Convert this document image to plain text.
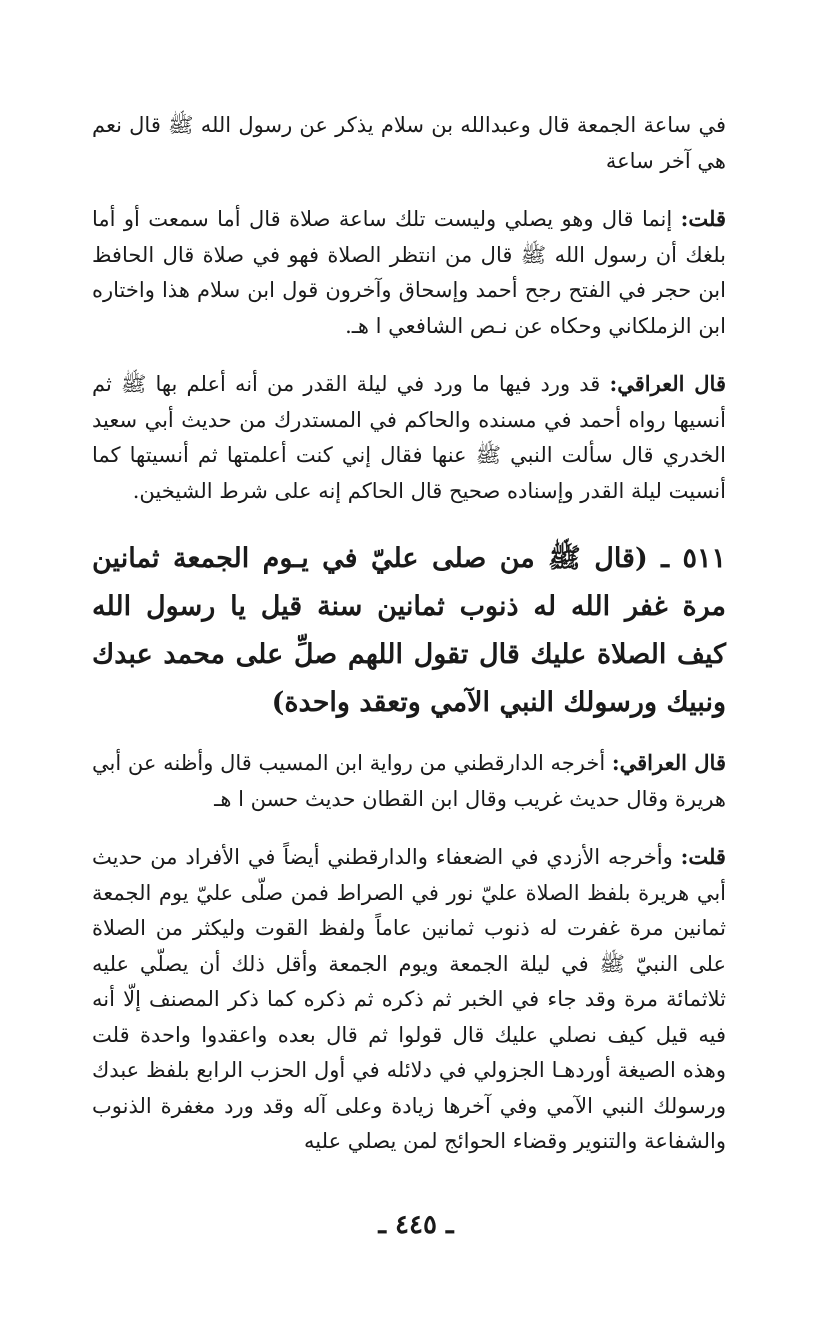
في ساعة الجمعة قال وعبدالله بن سلام يذكر عن رسول الله ﷺ قال نعم هي آخر ساعة

قلت: إنما قال وهو يصلي وليست تلك ساعة صلاة قال أما سمعت أو أما بلغك أن رسول الله ﷺ قال من انتظر الصلاة فهو في صلاة قال الحافظ ابن حجر في الفتح رجح أحمد وإسحاق وآخرون قول ابن سلام هذا واختاره ابن الزملكاني وحكاه عن نـص الشافعي ا هـ.

قال العراقي: قد ورد فيها ما ورد في ليلة القدر من أنه أعلم بها ﷺ ثم أنسيها رواه أحمد في مسنده والحاكم في المستدرك من حديث أبي سعيد الخدري قال سألت النبي ﷺ عنها فقال إني كنت أعلمتها ثم أنسيتها كما أنسيت ليلة القدر وإسناده صحيح قال الحاكم إنه على شرط الشيخين.

٥١١ ـ (قال ﷺ من صلى عليّ في يـوم الجمعة ثمانين مرة غفر الله له ذنوب ثمانين سنة قيل يا رسول الله كيف الصلاة عليك قال تقول اللهم صلِّ على محمد عبدك ونبيك ورسولك النبي الآمي وتعقد واحدة)

قال العراقي: أخرجه الدارقطني من رواية ابن المسيب قال وأظنه عن أبي هريرة وقال حديث غريب وقال ابن القطان حديث حسن ا هـ

قلت: وأخرجه الأزدي في الضعفاء والدارقطني أيضاً في الأفراد من حديث أبي هريرة بلفظ الصلاة عليّ نور في الصراط فمن صلّى عليّ يوم الجمعة ثمانين مرة غفرت له ذنوب ثمانين عاماً ولفظ القوت وليكثر من الصلاة على النبيّ ﷺ في ليلة الجمعة ويوم الجمعة وأقل ذلك أن يصلّي عليه ثلاثمائة مرة وقد جاء في الخبر ثم ذكره ثم ذكره كما ذكر المصنف إلّا أنه فيه قيل كيف نصلي عليك قال قولوا ثم قال بعده واعقدوا واحدة قلت وهذه الصيغة أوردهـا الجزولي في دلائله في أول الحزب الرابع بلفظ عبدك ورسولك النبي الآمي وفي آخرها زيادة وعلى آله وقد ورد مغفرة الذنوب والشفاعة والتنوير وقضاء الحوائج لمن يصلي عليه

ـ ٤٤٥ ـ
